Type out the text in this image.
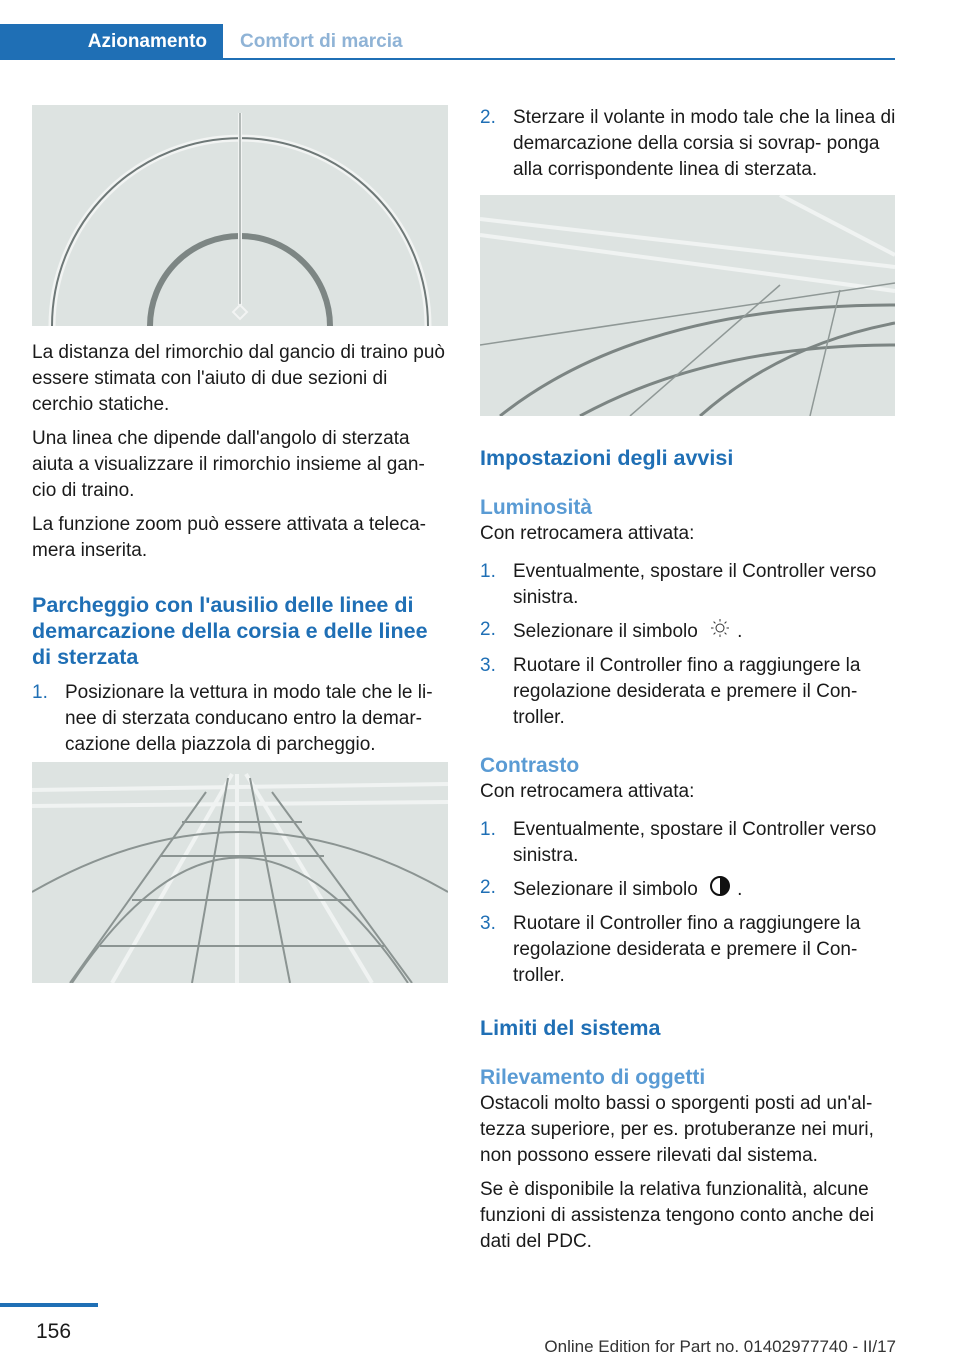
Azionamento	Comfort di marcia

La distanza del rimorchio dal gancio di traino può essere stimata con l'aiuto di due sezioni di cerchio statiche.

Una linea che dipende dall'angolo di sterzata aiuta a visualizzare il rimorchio insieme al gan‐ cio di traino.

La funzione zoom può essere attivata a teleca‐ mera inserita.

Parcheggio con l'ausilio delle linee di demarcazione della corsia e delle linee di sterzata

1. Posizionare la vettura in modo tale che le li‐ nee di sterzata conducano entro la demar‐ cazione della piazzola di parcheggio.
2. Sterzare il volante in modo tale che la linea di demarcazione della corsia si sovrap‐ ponga alla corrispondente linea di sterzata.

Impostazioni degli avvisi

Luminosità

Con retrocamera attivata:

1. Eventualmente, spostare il Controller verso sinistra.
2. Selezionare il simbolo .
3. Ruotare il Controller fino a raggiungere la regolazione desiderata e premere il Con‐ troller.

Contrasto

Con retrocamera attivata:

1. Eventualmente, spostare il Controller verso sinistra.
2. Selezionare il simbolo .
3. Ruotare il Controller fino a raggiungere la regolazione desiderata e premere il Con‐ troller.

Limiti del sistema

Rilevamento di oggetti

Ostacoli molto bassi o sporgenti posti ad un'al‐ tezza superiore, per es. protuberanze nei muri, non possono essere rilevati dal sistema.

Se è disponibile la relativa funzionalità, alcune funzioni di assistenza tengono conto anche dei dati del PDC.

156
Online Edition for Part no. 01402977740 - II/17
